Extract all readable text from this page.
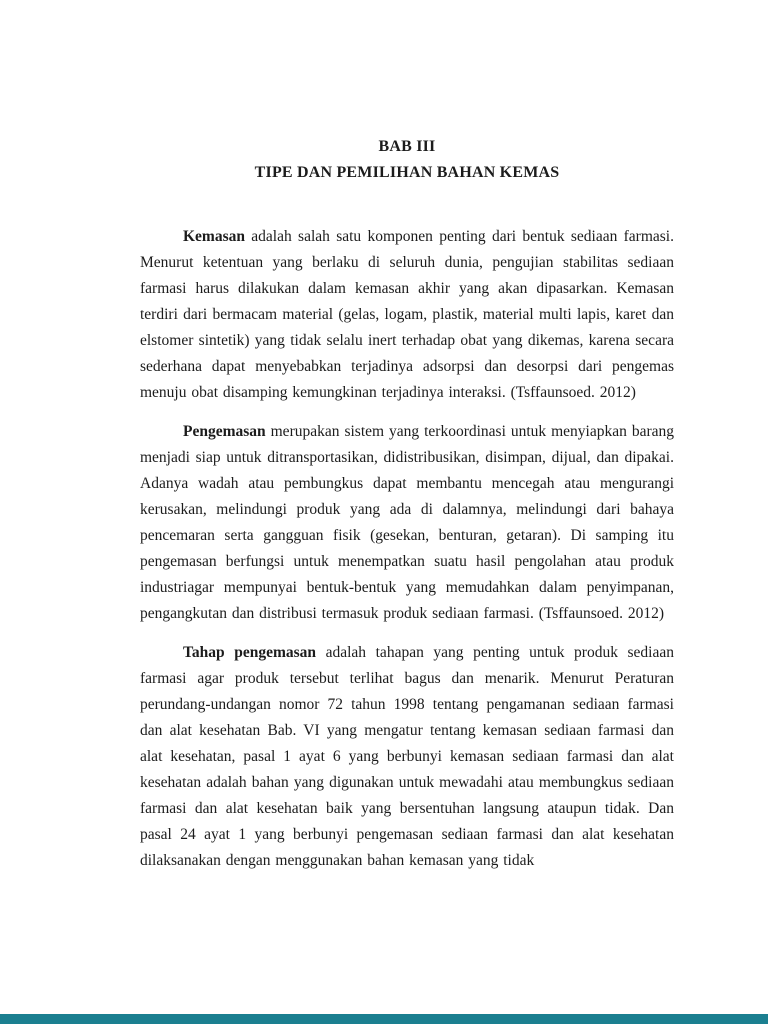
BAB III
TIPE DAN PEMILIHAN BAHAN KEMAS

Kemasan adalah salah satu komponen penting dari bentuk sediaan farmasi. Menurut ketentuan yang berlaku di seluruh dunia, pengujian stabilitas sediaan farmasi harus dilakukan dalam kemasan akhir yang akan dipasarkan. Kemasan terdiri dari bermacam material (gelas, logam, plastik, material multi lapis, karet dan elstomer sintetik) yang tidak selalu inert terhadap obat yang dikemas, karena secara sederhana dapat menyebabkan terjadinya adsorpsi dan desorpsi dari pengemas menuju obat disamping kemungkinan terjadinya interaksi. (Tsffaunsoed. 2012)

Pengemasan merupakan sistem yang terkoordinasi untuk menyiapkan barang menjadi siap untuk ditransportasikan, didistribusikan, disimpan, dijual, dan dipakai. Adanya wadah atau pembungkus dapat membantu mencegah atau mengurangi kerusakan, melindungi produk yang ada di dalamnya, melindungi dari bahaya pencemaran serta gangguan fisik (gesekan, benturan, getaran). Di samping itu pengemasan berfungsi untuk menempatkan suatu hasil pengolahan atau produk industriagar mempunyai bentuk-bentuk yang memudahkan dalam penyimpanan, pengangkutan dan distribusi termasuk produk sediaan farmasi. (Tsffaunsoed. 2012)

Tahap pengemasan adalah tahapan yang penting untuk produk sediaan farmasi agar produk tersebut terlihat bagus dan menarik. Menurut Peraturan perundang-undangan nomor 72 tahun 1998 tentang pengamanan sediaan farmasi dan alat kesehatan Bab. VI yang mengatur tentang kemasan sediaan farmasi dan alat kesehatan, pasal 1 ayat 6 yang berbunyi kemasan sediaan farmasi dan alat kesehatan adalah bahan yang digunakan untuk mewadahi atau membungkus sediaan farmasi dan alat kesehatan baik yang bersentuhan langsung ataupun tidak. Dan pasal 24 ayat 1 yang berbunyi pengemasan sediaan farmasi dan alat kesehatan dilaksanakan dengan menggunakan bahan kemasan yang tidak
